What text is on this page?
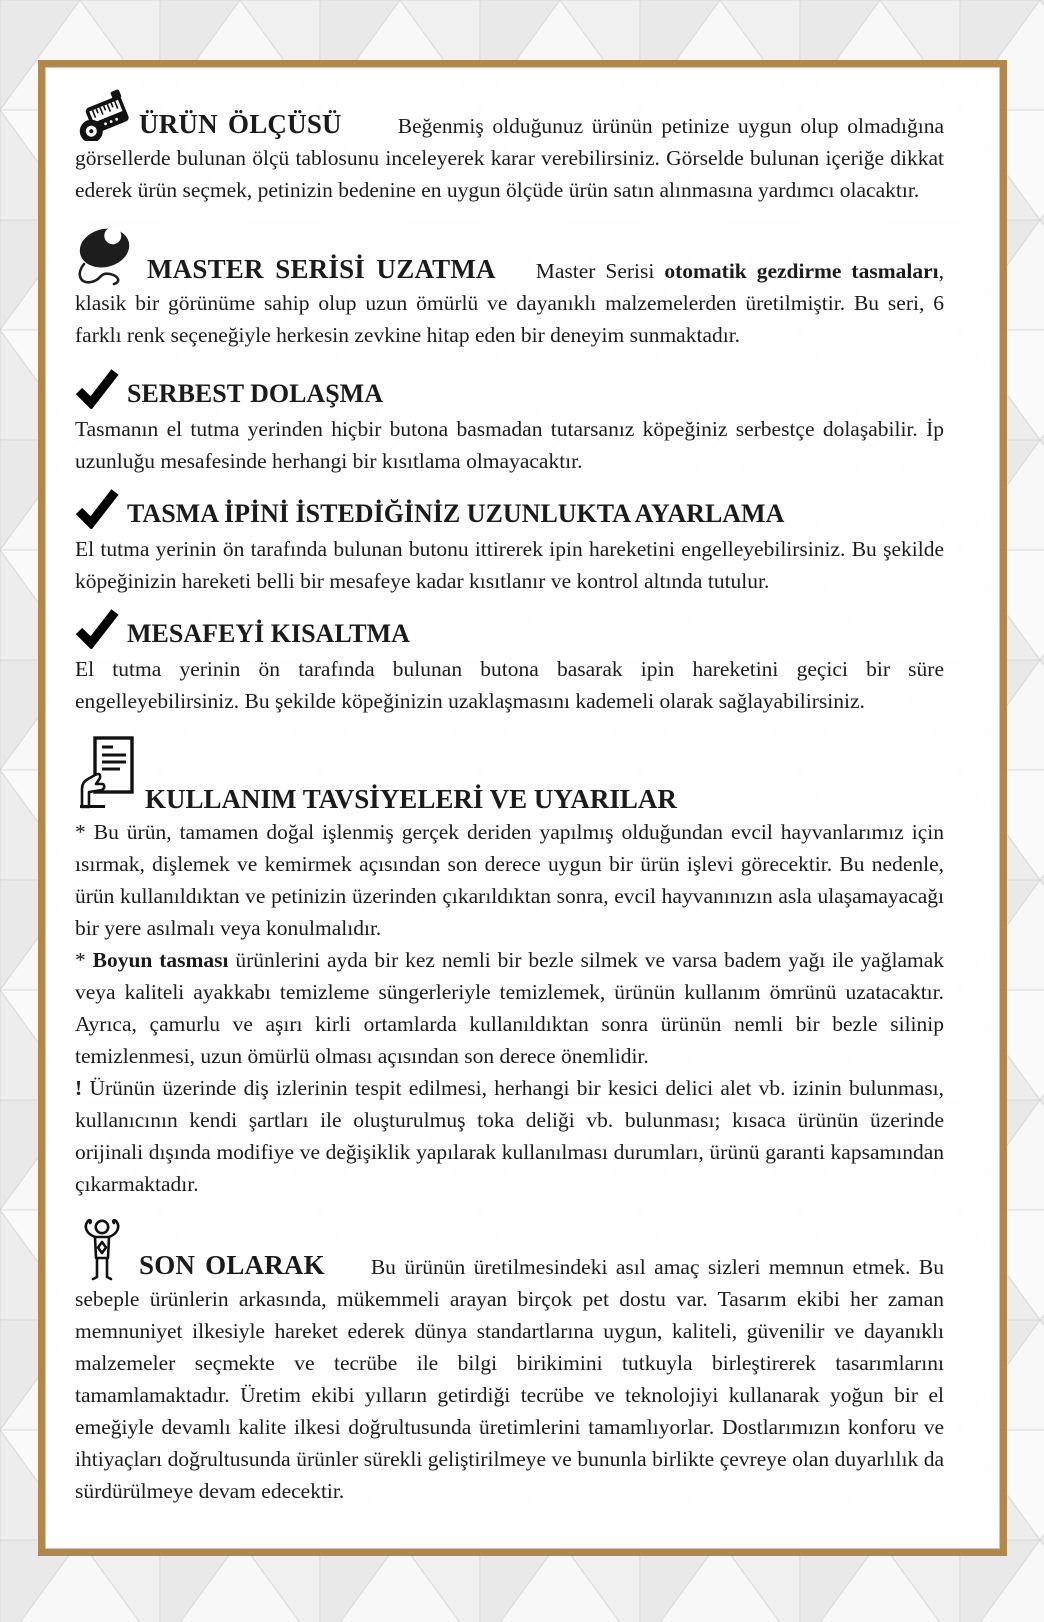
ÜRÜN ÖLÇÜSÜ	Beğenmiş olduğunuz ürünün petinize uygun olup olmadığına görsellerde bulunan ölçü tablosunu inceleyerek karar verebilirsiniz. Görselde bulunan içeriğe dikkat ederek ürün seçmek, petinizin bedenine en uygun ölçüde ürün satın alınmasına yardımcı olacaktır.

MASTER SERİSİ UZATMA Master Serisi otomatik gezdirme tasmaları, klasik bir görünüme sahip olup uzun ömürlü ve dayanıklı malzemelerden üretilmiştir. Bu seri, 6 farklı renk seçeneğiyle herkesin zevkine hitap eden bir deneyim sunmaktadır.

SERBEST DOLAŞMA

Tasmanın el tutma yerinden hiçbir butona basmadan tutarsanız köpeğiniz serbestçe dolaşabilir. İp uzunluğu mesafesinde herhangi bir kısıtlama olmayacaktır.

TASMA İPİNİ İSTEDİĞİNİZ UZUNLUKTA AYARLAMA

El tutma yerinin ön tarafında bulunan butonu ittirerek ipin hareketini engelleyebilirsiniz. Bu şekilde köpeğinizin hareketi belli bir mesafeye kadar kısıtlanır ve kontrol altında tutulur.

MESAFEYİ KISALTMA

El tutma yerinin ön tarafında bulunan butona basarak ipin hareketini geçici bir süre engelleyebilirsiniz. Bu şekilde köpeğinizin uzaklaşmasını kademeli olarak sağlayabilirsiniz.

KULLANIM TAVSİYELERİ VE UYARILAR

* Bu ürün, tamamen doğal işlenmiş gerçek deriden yapılmış olduğundan evcil hayvanlarımız için ısırmak, dişlemek ve kemirmek açısından son derece uygun bir ürün işlevi görecektir. Bu nedenle, ürün kullanıldıktan ve petinizin üzerinden çıkarıldıktan sonra, evcil hayvanınızın asla ulaşamayacağı bir yere asılmalı veya konulmalıdır.

* Boyun tasması ürünlerini ayda bir kez nemli bir bezle silmek ve varsa badem yağı ile yağlamak veya kaliteli ayakkabı temizleme süngerleriyle temizlemek, ürünün kullanım ömrünü uzatacaktır. Ayrıca, çamurlu ve aşırı kirli ortamlarda kullanıldıktan sonra ürünün nemli bir bezle silinip temizlenmesi, uzun ömürlü olması açısından son derece önemlidir.

! Ürünün üzerinde diş izlerinin tespit edilmesi, herhangi bir kesici delici alet vb. izinin bulunması, kullanıcının kendi şartları ile oluşturulmuş toka deliği vb. bulunması; kısaca ürünün üzerinde orijinali dışında modifiye ve değişiklik yapılarak kullanılması durumları, ürünü garanti kapsamından çıkarmaktadır.

SON OLARAK Bu ürünün üretilmesindeki asıl amaç sizleri memnun etmek. Bu sebeple ürünlerin arkasında, mükemmeli arayan birçok pet dostu var. Tasarım ekibi her zaman memnuniyet ilkesiyle hareket ederek dünya standartlarına uygun, kaliteli, güvenilir ve dayanıklı malzemeler seçmekte ve tecrübe ile bilgi birikimini tutkuyla birleştirerek tasarımlarını tamamlamaktadır. Üretim ekibi yılların getirdiği tecrübe ve teknolojiyi kullanarak yoğun bir el emeğiyle devamlı kalite ilkesi doğrultusunda üretimlerini tamamlıyorlar. Dostlarımızın konforu ve ihtiyaçları doğrultusunda ürünler sürekli geliştirilmeye ve bununla birlikte çevreye olan duyarlılık da sürdürülmeye devam edecektir.
